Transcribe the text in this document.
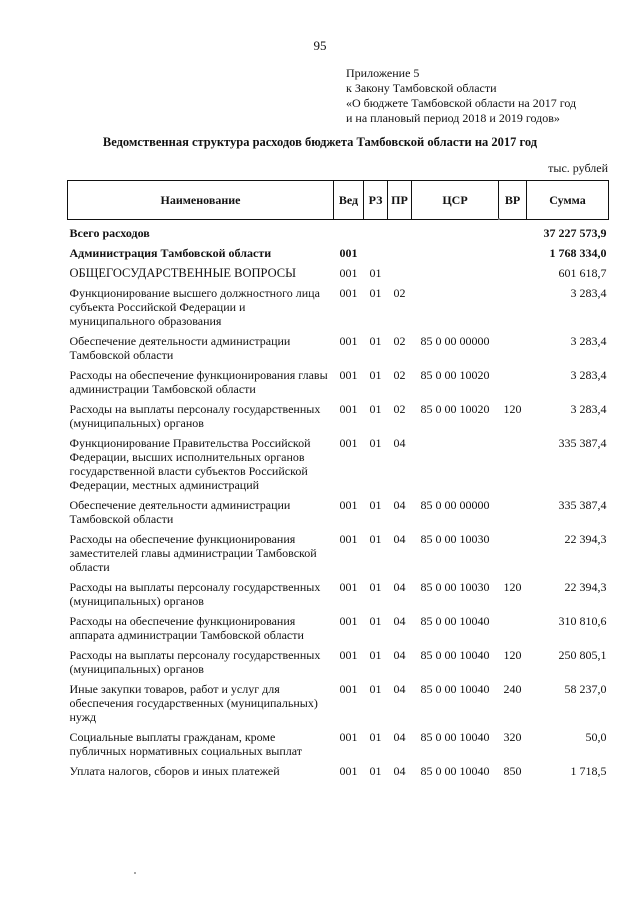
95
Приложение 5
к Закону Тамбовской области
«О бюджете Тамбовской области на 2017 год
и на плановый период 2018 и 2019 годов»
Ведомственная структура расходов бюджета Тамбовской области на 2017 год
тыс. рублей
Наименование	Вед	РЗ	ПР	ЦСР	ВР	Сумма
Всего расходов						37 227 573,9
Администрация Тамбовской области	001					1 768 334,0
ОБЩЕГОСУДАРСТВЕННЫЕ ВОПРОСЫ	001	01				601 618,7
Функционирование высшего должностного лица субъекта Российской Федерации и муниципального образования	001	01	02			3 283,4
Обеспечение деятельности администрации Тамбовской области	001	01	02	85 0 00 00000		3 283,4
Расходы на обеспечение функционирования главы администрации Тамбовской области	001	01	02	85 0 00 10020		3 283,4
Расходы на выплаты персоналу государственных (муниципальных) органов	001	01	02	85 0 00 10020	120	3 283,4
Функционирование Правительства Российской Федерации, высших исполнительных органов государственной власти субъектов Российской Федерации, местных администраций	001	01	04			335 387,4
Обеспечение деятельности администрации Тамбовской области	001	01	04	85 0 00 00000		335 387,4
Расходы на обеспечение функционирования заместителей главы администрации Тамбовской области	001	01	04	85 0 00 10030		22 394,3
Расходы на выплаты персоналу государственных (муниципальных) органов	001	01	04	85 0 00 10030	120	22 394,3
Расходы на обеспечение функционирования аппарата администрации Тамбовской области	001	01	04	85 0 00 10040		310 810,6
Расходы на выплаты персоналу государственных (муниципальных) органов	001	01	04	85 0 00 10040	120	250 805,1
Иные закупки товаров, работ и услуг для обеспечения государственных (муниципальных) нужд	001	01	04	85 0 00 10040	240	58 237,0
Социальные выплаты гражданам, кроме публичных нормативных социальных выплат	001	01	04	85 0 00 10040	320	50,0
Уплата налогов, сборов и иных платежей	001	01	04	85 0 00 10040	850	1 718,5
